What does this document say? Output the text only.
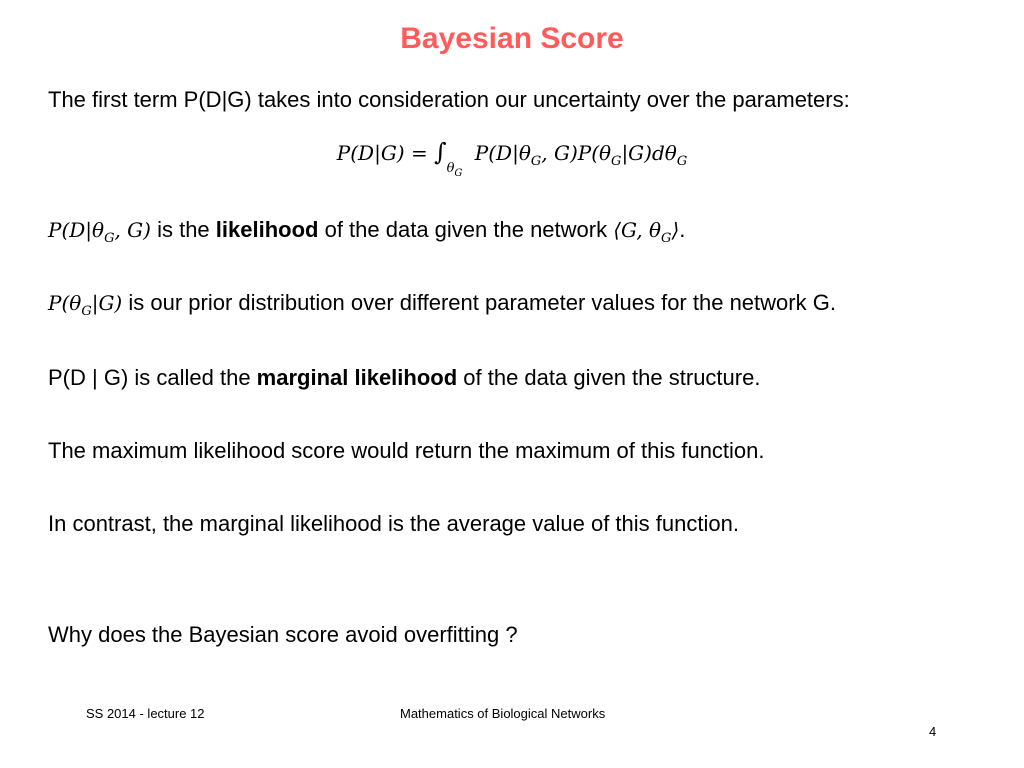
Bayesian Score
The first term P(D|G) takes into consideration our uncertainty over the parameters:
$P(D|G) = \int\theta_G$ $P(D|\theta_G$, $G)P(\theta_G|G)d\theta_G$
$P(D|\theta_G$, G) is the likelihood of the data given the network ⟨G, $\theta_G⟩$.
$P(\theta_G|G)$ is our prior distribution over different parameter values for the network G.
P(D | G) is called the marginal likelihood of the data given the structure.
The maximum likelihood score would return the maximum of this function.
In contrast, the marginal likelihood is the average value of this function.
Why does the Bayesian score avoid overfitting ?
SS 2014 - lecture 12	Mathematics of Biological Networks
4
